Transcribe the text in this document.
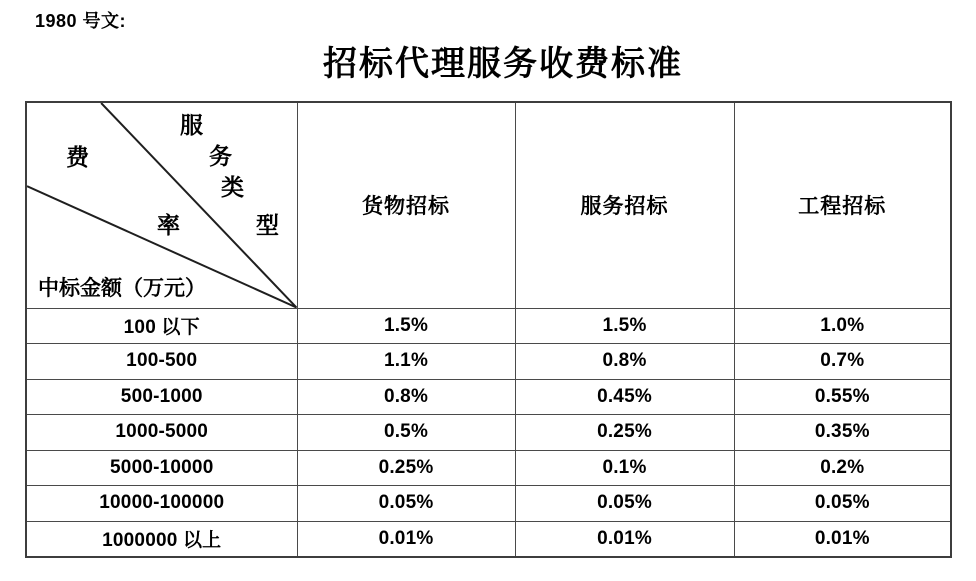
1980 号文:
招标代理服务收费标准
服
务
类
型
费
率
中标金额（万元）
	货物招标	服务招标	工程招标
100 以下	1.5%	1.5%	1.0%
100-500	1.1%	0.8%	0.7%
500-1000	0.8%	0.45%	0.55%
1000-5000	0.5%	0.25%	0.35%
5000-10000	0.25%	0.1%	0.2%
10000-100000	0.05%	0.05%	0.05%
1000000 以上	0.01%	0.01%	0.01%
